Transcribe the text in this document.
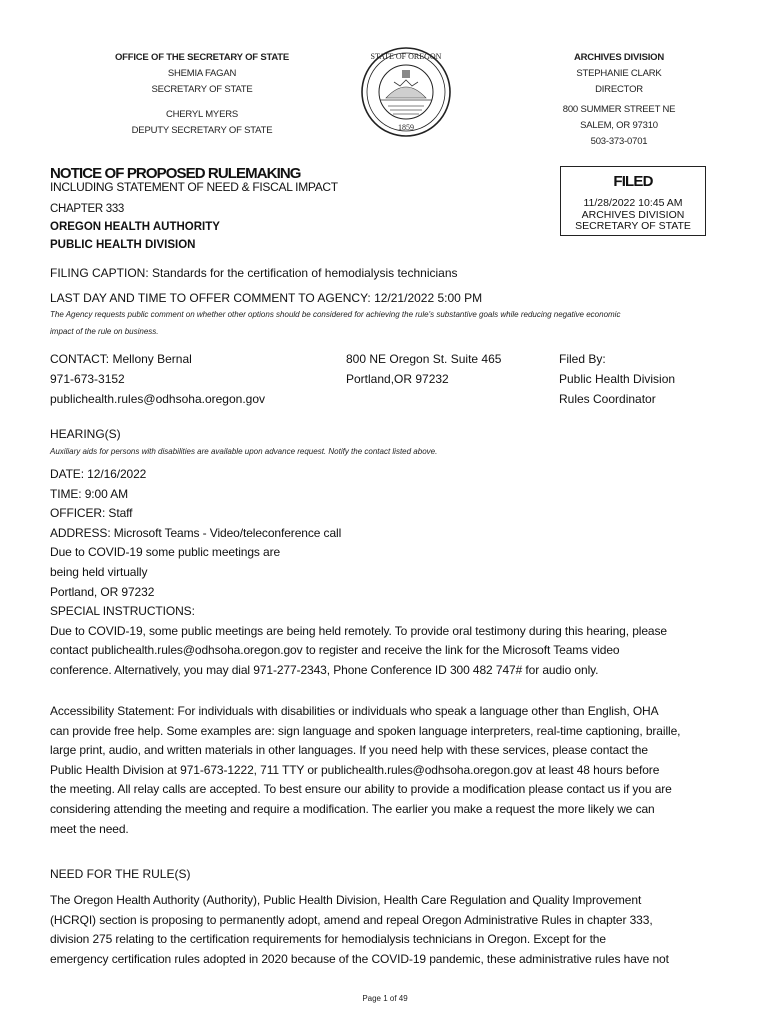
OFFICE OF THE SECRETARY OF STATE
SHEMIA FAGAN
SECRETARY OF STATE
CHERYL MYERS
DEPUTY SECRETARY OF STATE
STATE OF OREGON
1859
ARCHIVES DIVISION
STEPHANIE CLARK
DIRECTOR
800 SUMMER STREET NE
SALEM, OR 97310
503-373-0701
NOTICE OF PROPOSED RULEMAKING
INCLUDING STATEMENT OF NEED & FISCAL IMPACT
CHAPTER 333
OREGON HEALTH AUTHORITY
PUBLIC HEALTH DIVISION
FILED
11/28/2022 10:45 AM
ARCHIVES DIVISION
SECRETARY OF STATE
FILING CAPTION: Standards for the certification of hemodialysis technicians
LAST DAY AND TIME TO OFFER COMMENT TO AGENCY: 12/21/2022 5:00 PM
The Agency requests public comment on whether other options should be considered for achieving the rule's substantive goals while reducing negative economic
impact of the rule on business.
CONTACT: Mellony Bernal
971-673-3152
publichealth.rules@odhsoha.oregon.gov
800 NE Oregon St. Suite 465
Portland,OR 97232
Filed By:
Public Health Division
Rules Coordinator
HEARING(S)
Auxiliary aids for persons with disabilities are available upon advance request. Notify the contact listed above.
DATE: 12/16/2022
TIME: 9:00 AM
OFFICER: Staff
ADDRESS: Microsoft Teams - Video/teleconference call
Due to COVID-19 some public meetings are
being held virtually
Portland, OR 97232
SPECIAL INSTRUCTIONS:
Due to COVID-19, some public meetings are being held remotely. To provide oral testimony during this hearing, please
contact publichealth.rules@odhsoha.oregon.gov to register and receive the link for the Microsoft Teams video
conference. Alternatively, you may dial 971-277-2343, Phone Conference ID 300 482 747# for audio only.
Accessibility Statement: For individuals with disabilities or individuals who speak a language other than English, OHA
can provide free help. Some examples are: sign language and spoken language interpreters, real-time captioning, braille,
large print, audio, and written materials in other languages. If you need help with these services, please contact the
Public Health Division at 971-673-1222, 711 TTY or publichealth.rules@odhsoha.oregon.gov at least 48 hours before
the meeting. All relay calls are accepted. To best ensure our ability to provide a modification please contact us if you are
considering attending the meeting and require a modification. The earlier you make a request the more likely we can
meet the need.
NEED FOR THE RULE(S)
The Oregon Health Authority (Authority), Public Health Division, Health Care Regulation and Quality Improvement
(HCRQI) section is proposing to permanently adopt, amend and repeal Oregon Administrative Rules in chapter 333,
division 275 relating to the certification requirements for hemodialysis technicians in Oregon. Except for the
emergency certification rules adopted in 2020 because of the COVID-19 pandemic, these administrative rules have not
Page 1 of 49
